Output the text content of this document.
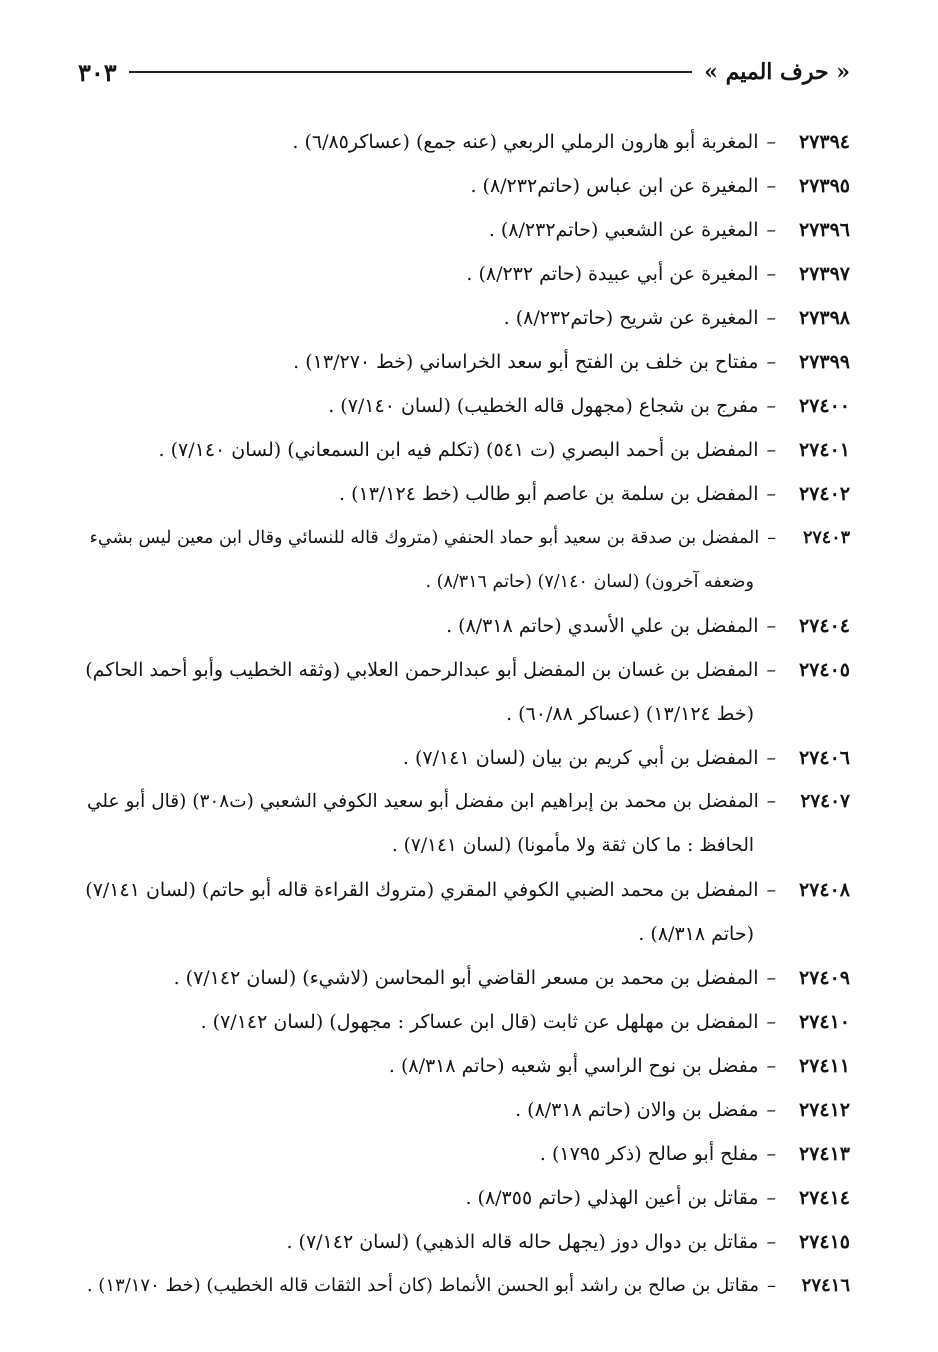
« حرف الميم »
٣٠٣
٢٧٣٩٤–المغربة أبو هارون الرملي الربعي (عنه جمع) (عساكر٦/٨٥) .
٢٧٣٩٥–المغيرة عن ابن عباس (حاتم٨/٢٣٢) .
٢٧٣٩٦–المغيرة عن الشعبي (حاتم٨/٢٣٢) .
٢٧٣٩٧–المغيرة عن أبي عبيدة (حاتم ٨/٢٣٢) .
٢٧٣٩٨–المغيرة عن شريح (حاتم٨/٢٣٢) .
٢٧٣٩٩–مفتاح بن خلف بن الفتح أبو سعد الخراساني (خط ١٣/٢٧٠) .
٢٧٤٠٠–مفرج بن شجاع (مجهول قاله الخطيب) (لسان ٧/١٤٠) .
٢٧٤٠١–المفضل بن أحمد البصري (ت ٥٤١) (تكلم فيه ابن السمعاني) (لسان ٧/١٤٠) .
٢٧٤٠٢–المفضل بن سلمة بن عاصم أبو طالب (خط ١٣/١٢٤) .
٢٧٤٠٣–المفضل بن صدقة بن سعيد أبو حماد الحنفي (متروك قاله للنسائي وقال ابن معين ليس بشيء
وضعفه آخرون) (لسان ٧/١٤٠) (حاتم ٨/٣١٦) .
٢٧٤٠٤–المفضل بن علي الأسدي (حاتم ٨/٣١٨) .
٢٧٤٠٥–المفضل بن غسان بن المفضل أبو عبدالرحمن العلابي (وثقه الخطيب وأبو أحمد الحاكم)
(خط ١٣/١٢٤) (عساكر ٦٠/٨٨) .
٢٧٤٠٦–المفضل بن أبي كريم بن بيان (لسان ٧/١٤١) .
٢٧٤٠٧–المفضل بن محمد بن إبراهيم ابن مفضل أبو سعيد الكوفي الشعبي (ت٣٠٨) (قال أبو علي
الحافظ : ما كان ثقة ولا مأمونا) (لسان ٧/١٤١) .
٢٧٤٠٨–المفضل بن محمد الضبي الكوفي المقري (متروك القراءة قاله أبو حاتم) (لسان ٧/١٤١)
(حاتم ٨/٣١٨) .
٢٧٤٠٩–المفضل بن محمد بن مسعر القاضي أبو المحاسن (لاشيء) (لسان ٧/١٤٢) .
٢٧٤١٠–المفضل بن مهلهل عن ثابت (قال ابن عساكر : مجهول) (لسان ٧/١٤٢) .
٢٧٤١١–مفضل بن نوح الراسي أبو شعبه (حاتم ٨/٣١٨) .
٢٧٤١٢–مفضل بن والان (حاتم ٨/٣١٨) .
٢٧٤١٣–مفلح أبو صالح (ذكر ١٧٩٥) .
٢٧٤١٤–مقاتل بن أعين الهذلي (حاتم ٨/٣٥٥) .
٢٧٤١٥–مقاتل بن دوال دوز (يجهل حاله قاله الذهبي) (لسان ٧/١٤٢) .
٢٧٤١٦–مقاتل بن صالح بن راشد أبو الحسن الأنماط (كان أحد الثقات قاله الخطيب) (خط ١٣/١٧٠) .
